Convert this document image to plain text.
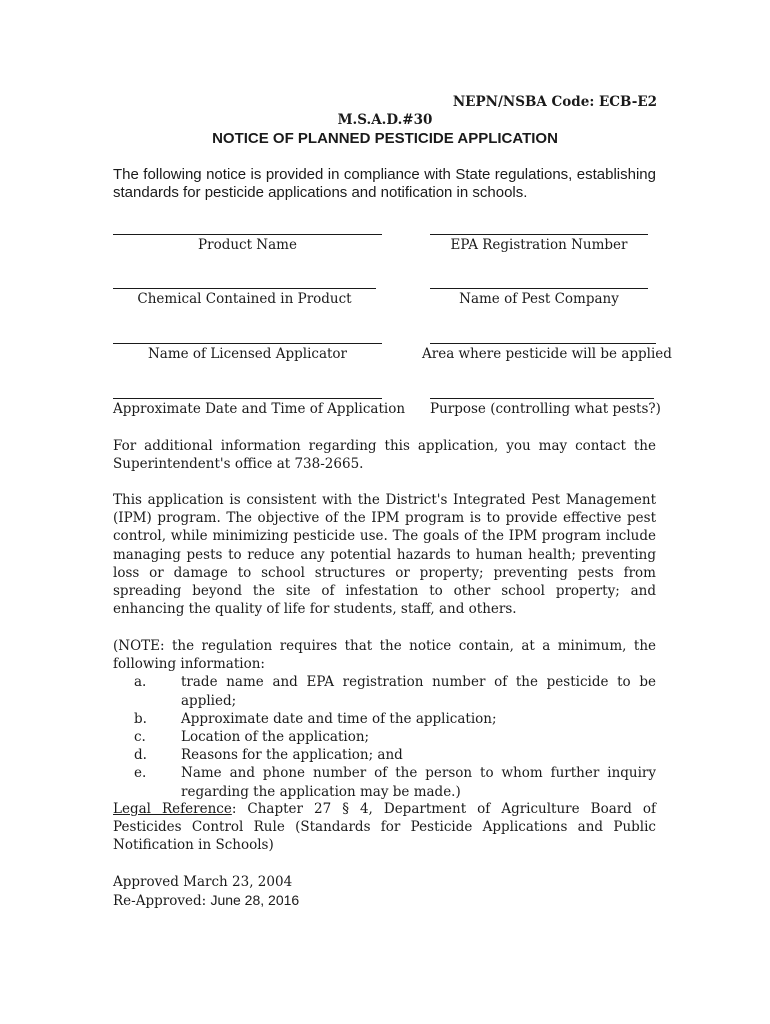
NEPN/NSBA Code: ECB-E2
M.S.A.D.#30
NOTICE OF PLANNED PESTICIDE APPLICATION
The following notice is provided in compliance with State regulations, establishing standards for pesticide applications and notification in schools.
Product Name	EPA Registration Number
Chemical Contained in Product	Name of Pest Company
Name of Licensed Applicator	Area where pesticide will be applied
Approximate Date and Time of Application Purpose (controlling what pests?)
For additional information regarding this application, you may contact the Superintendent's office at 738-2665.
This application is consistent with the District's Integrated Pest Management (IPM) program. The objective of the IPM program is to provide effective pest control, while minimizing pesticide use. The goals of the IPM program include managing pests to reduce any potential hazards to human health; preventing loss or damage to school structures or property; preventing pests from spreading beyond the site of infestation to other school property; and enhancing the quality of life for students, staff, and others.
(NOTE: the regulation requires that the notice contain, at a minimum, the following information:
a.	trade name and EPA registration number of the pesticide to be applied;
b.	Approximate date and time of the application;
c.	Location of the application;
d.	Reasons for the application; and
e.	Name and phone number of the person to whom further inquiry regarding the application may be made.)
Legal Reference: Chapter 27 § 4, Department of Agriculture Board of Pesticides Control Rule (Standards for Pesticide Applications and Public Notification in Schools)
Approved March 23, 2004
Re-Approved: June 28, 2016
